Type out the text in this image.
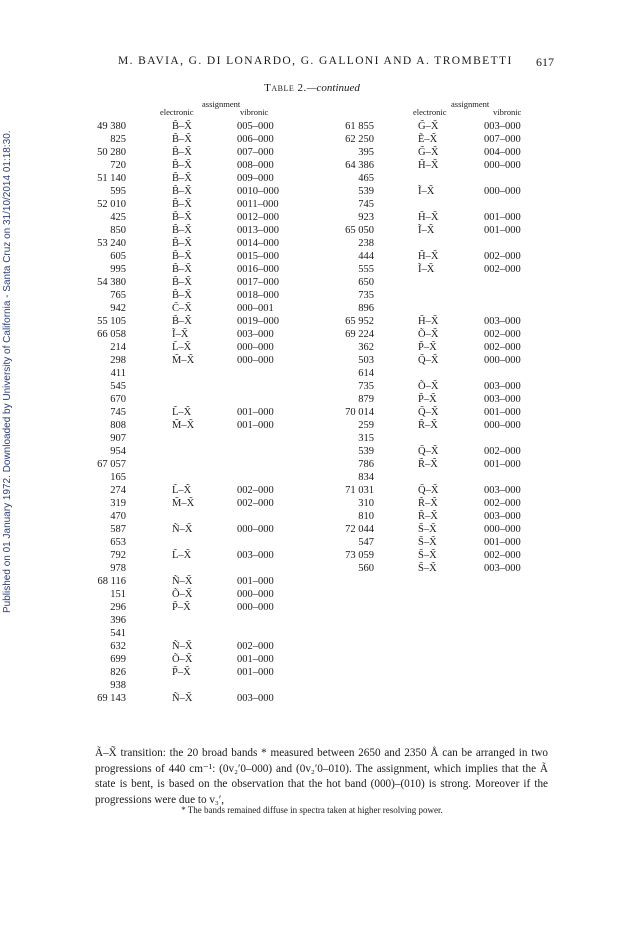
Published on 01 January 1972. Downloaded by University of California - Santa Cruz on 31/10/2014 01:18:30.
M. BAVIA, G. DI LONARDO, G. GALLONI AND A. TROMBETTI 617
Table 2.—continued
assignment
electronic	vibronic
assignment
electronic	vibronic
49 380	B̃–X̃	005–000
825	B̃–X̃	006–000
50 280	B̃–X̃	007–000
720	B̃–X̃	008–000
51 140	B̃–X̃	009–000
595	B̃–X̃	0010–000
52 010	B̃–X̃	0011–000
425	B̃–X̃	0012–000
850	B̃–X̃	0013–000
53 240	B̃–X̃	0014–000
605	B̃–X̃	0015–000
995	B̃–X̃	0016–000
54 380	B̃–X̃	0017–000
765	B̃–X̃	0018–000
942	C̃–X̃	000–001
55 105	B̃–X̃	0019–000
66 058	Ĩ–X̃	003–000
214	L̃–X̃	000–000
298	M̃–X̃	000–000
411
545
670
745	L̃–X̃	001–000
808	M̃–X̃	001–000
907
954
67 057
165
274	L̃–X̃	002–000
319	M̃–X̃	002–000
470
587	Ñ–X̃	000–000
653
792	L̃–X̃	003–000
978
68 116	Ñ–X̃	001–000
151	Õ–X̃	000–000
296	P̃–X̃	000–000
396
541
632	Ñ–X̃	002–000
699	Õ–X̃	001–000
826	P̃–X̃	001–000
938
69 143	Ñ–X̃	003–000
61 855	G̃–X̃	003–000
62 250	Ẽ–X̃	007–000
395	G̃–X̃	004–000
64 386	H̃–X̃	000–000
465
539	Ĩ–X̃	000–000
745
923	H̃–X̃	001–000
65 050	Ĩ–X̃	001–000
238
444	H̃–X̃	002–000
555	Ĩ–X̃	002–000
650
735
896
65 952	H̃–X̃	003–000
69 224	Õ–X̃	002–000
362	P̃–X̃	002–000
503	Q̃–X̃	000–000
614
735	Õ–X̃	003–000
879	P̃–X̃	003–000
70 014	Q̃–X̃	001–000
259	R̃–X̃	000–000
315
539	Q̃–X̃	002–000
786	R̃–X̃	001–000
834
71 031	Q̃–X̃	003–000
310	R̃–X̃	002–000
810	R̃–X̃	003–000
72 044	S̃–X̃	000–000
547	S̃–X̃	001–000
73 059	S̃–X̃	002–000
560	S̃–X̃	003–000
Ã–X̃ transition: the 20 broad bands * measured between 2650 and 2350 Å can be arranged in two progressions of 440 cm⁻¹: (0v₂′0–000) and (0v₂′0–010). The assignment, which implies that the Ã state is bent, is based on the observation that the hot band (000)–(010) is strong. Moreover if the progressions were due to v₃′,
* The bands remained diffuse in spectra taken at higher resolving power.
